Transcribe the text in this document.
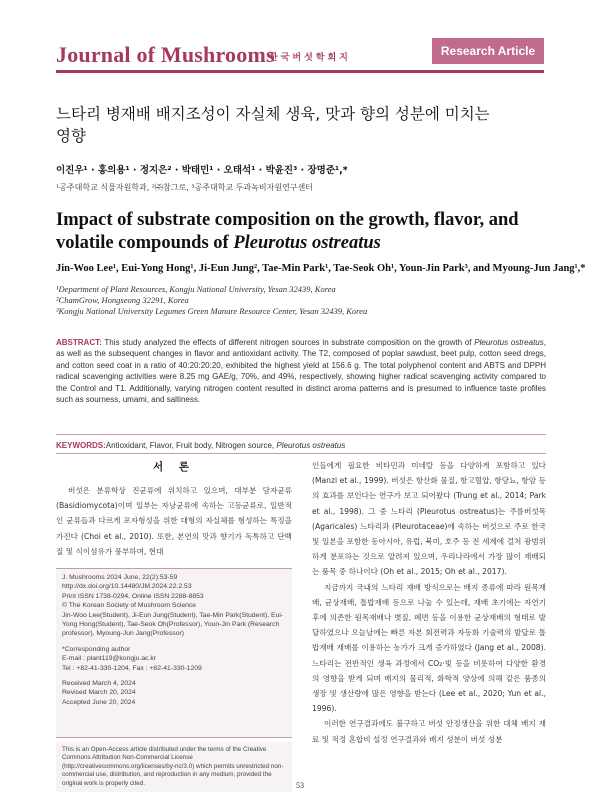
Journal of Mushrooms
한국버섯학회지	Research Article
느타리 병재배 배지조성이 자실체 생육, 맛과 향의 성분에 미치는 영향
이진우¹ · 홍의용¹ · 정지은² · 박태민¹ · 오태석¹ · 박윤진³ · 장명준¹,*
¹공주대학교 식물자원학과, ²㈜참그로, ³공주대학교 두과녹비자원연구센터
Impact of substrate composition on the growth, flavor, and volatile compounds of Pleurotus ostreatus
Jin-Woo Lee¹, Eui-Yong Hong¹, Ji-Eun Jung², Tae-Min Park¹, Tae-Seok Oh¹, Youn-Jin Park³, and Myoung-Jun Jang¹,*
¹Department of Plant Resources, Kongju National University, Yesan 32439, Korea
²ChamGrow, Hongseong 32291, Korea
³Kongju National University Legumes Green Manure Resource Center, Yesan 32439, Korea
ABSTRACT: This study analyzed the effects of different nitrogen sources in substrate composition on the growth of Pleurotus ostreatus, as well as the subsequent changes in flavor and antioxidant activity. The T2, composed of poplar sawdust, beet pulp, cotton seed dregs, and cotton seed coat in a ratio of 40:20:20:20, exhibited the highest yield at 156.6 g. The total polyphenol content and ABTS and DPPH radical scavenging activities were 8.25 mg GAE/g, 70%, and 49%, respectively, showing higher radical scavenging activity compared to the Control and T1. Additionally, varying nitrogen content resulted in distinct aroma patterns and is presumed to influence taste profiles such as sourness, umami, and saltiness.
KEYWORDS:Antioxidant, Flavor, Fruit body, Nitrogen source, Pleurotus ostreatus
서 론

버섯은 분류학상 진균류에 위치하고 있으며, 대부분 담자균류 (Basidiomycota)이며 일부는 자낭균류에 속하는 고등균류로, 일반적인 균류들과 다르게 포자형성을 위한 대형의 자실체를 형성하는 특징을 가진다 (Choi et al., 2010). 또한, 본연의 맛과 향기가 독특하고 단백질 및 식이섬유가 풍부하며, 현대

J. Mushrooms 2024 June, 22(2):53-59
http://dx.doi.org/10.14480/JM.2024.22.2.53
Print ISSN 1738-0294, Online ISSN 2288-8853
© The Korean Society of Mushroom Science
Jin-Woo Lee(Student), Ji-Eun Jung(Student), Tae-Min Park(Student), Eui-Yong Hong(Student), Tae-Seok Oh(Professor), Youn-Jin Park (Research professor), Myoung-Jun Jang(Professor)
*Corresponding author
E-mail : plant119@kongju.ac.kr
Tel : +82-41-330-1204, Fax : +82-41-330-1209
Received March 4, 2024
Revised March 20, 2024
Accepted June 20, 2024
This is an Open-Access article distributed under the terms of the Creative Commons Attribution Non-Commercial License (http://creativecommons.org/licenses/by-nc/3.0) which permits unrestricted non-commercial use, distribution, and reproduction in any medium, provided the original work is properly cited.

인들에게 필요한 비타민과 미네랄 등을 다양하게 포함하고 있다 (Manzi et al., 1999). 버섯은 항산화 물질, 항고혈압, 항당뇨, 항암 등의 효과를 보인다는 연구가 보고 되어왔다 (Trung et al., 2014; Park et al., 1998). 그 중 느타리 (Pleurotus ostreatus)는 주름버섯목 (Agaricales) 느타리과 (Pleurotaceae)에 속하는 버섯으로 주로 한국 및 일본을 포함한 동아시아, 유럽, 북미, 호주 등 전 세계에 걸쳐 광범위하게 분포하는 것으로 알려져 있으며, 우리나라에서 가장 많이 재배되는 품목 중 하나이다 (Oh et al., 2015; Oh et al., 2017).

지금까지 국내의 느타리 재배 방식으로는 배지 종류에 따라 원목재배, 균상재배, 톱밥재배 등으로 나눌 수 있는데, 재배 초기에는 자연기후에 의존한 원목재배나 볏짚, 폐면 등을 이용한 균상재배의 형태로 발달하였으나 오늘날에는 빠른 자본 회전력과 자동화 기술력의 발달로 톱밥재배 재배를 이용하는 농가가 크게 증가하였다 (Jang et al., 2008). 느타리는 전반적인 생육 과정에서 CO₂·빛 등을 비롯하여 다양한 환경의 영향을 받게 되며 배지의 물리적, 화학적 양상에 의해 같은 품종의 생장 및 생산량에 많은 영향을 받는다 (Lee et al., 2020; Yun et al., 1996).

이러한 연구결과에도 불구하고 버섯 안정생산을 위한 대체 배지 재료 및 적정 혼합비 설정 연구결과와 배지 성분이 버섯 성분

53
